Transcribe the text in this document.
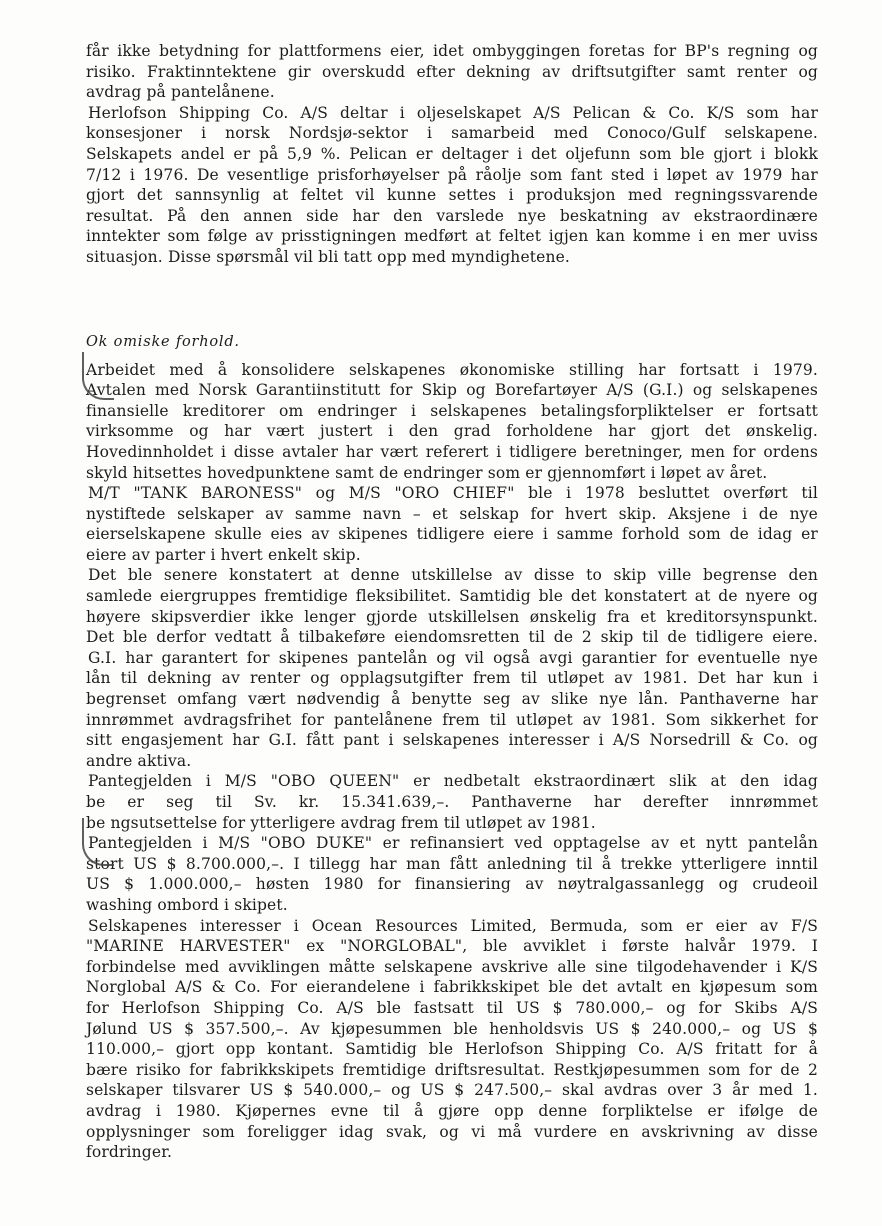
får ikke betydning for plattformens eier, idet ombyggingen foretas for BP's regning og
risiko. Fraktinntektene gir overskudd efter dekning av driftsutgifter samt renter og
avdrag på pantelånene.
Herlofson Shipping Co. A/S deltar i oljeselskapet A/S Pelican & Co. K/S som har
konsesjoner i norsk Nordsjø-sektor i samarbeid med Conoco/Gulf selskapene.
Selskapets andel er på 5,9 %. Pelican er deltager i det oljefunn som ble gjort i blokk
7/12 i 1976. De vesentlige prisforhøyelser på råolje som fant sted i løpet av 1979 har
gjort det sannsynlig at feltet vil kunne settes i produksjon med regningssvarende
resultat. På den annen side har den varslede nye beskatning av ekstraordinære
inntekter som følge av prisstigningen medført at feltet igjen kan komme i en mer uviss
situasjon. Disse spørsmål vil bli tatt opp med myndighetene.
Ok omiske forhold.
Arbeidet med å konsolidere selskapenes økonomiske stilling har fortsatt i 1979.
Avtalen med Norsk Garantiinstitutt for Skip og Borefartøyer A/S (G.I.) og selskapenes
finansielle kreditorer om endringer i selskapenes betalingsforpliktelser er fortsatt
virksomme og har vært justert i den grad forholdene har gjort det ønskelig.
Hovedinnholdet i disse avtaler har vært referert i tidligere beretninger, men for ordens
skyld hitsettes hovedpunktene samt de endringer som er gjennomført i løpet av året.
M/T "TANK BARONESS" og M/S "ORO CHIEF" ble i 1978 besluttet overført til
nystiftede selskaper av samme navn – et selskap for hvert skip. Aksjene i de nye
eierselskapene skulle eies av skipenes tidligere eiere i samme forhold som de idag er
eiere av parter i hvert enkelt skip.
Det ble senere konstatert at denne utskillelse av disse to skip ville begrense den
samlede eiergruppes fremtidige fleksibilitet. Samtidig ble det konstatert at de nyere og
høyere skipsverdier ikke lenger gjorde utskillelsen ønskelig fra et kreditorsynspunkt.
Det ble derfor vedtatt å tilbakeføre eiendomsretten til de 2 skip til de tidligere eiere.
G.I. har garantert for skipenes pantelån og vil også avgi garantier for eventuelle nye
lån til dekning av renter og opplagsutgifter frem til utløpet av 1981. Det har kun i
begrenset omfang vært nødvendig å benytte seg av slike nye lån. Panthaverne har
innrømmet avdragsfrihet for pantelånene frem til utløpet av 1981. Som sikkerhet for
sitt engasjement har G.I. fått pant i selskapenes interesser i A/S Norsedrill & Co. og
andre aktiva.
Pantegjelden i M/S "OBO QUEEN" er nedbetalt ekstraordinært slik at den idag
be er seg til Sv. kr. 15.341.639,–. Panthaverne har derefter innrømmet
be ngsutsettelse for ytterligere avdrag frem til utløpet av 1981.
Pantegjelden i M/S "OBO DUKE" er refinansiert ved opptagelse av et nytt pantelån
stort US $ 8.700.000,–. I tillegg har man fått anledning til å trekke ytterligere inntil
US $ 1.000.000,– høsten 1980 for finansiering av nøytralgassanlegg og crudeoil
washing ombord i skipet.
Selskapenes interesser i Ocean Resources Limited, Bermuda, som er eier av F/S
"MARINE HARVESTER" ex "NORGLOBAL", ble avviklet i første halvår 1979. I
forbindelse med avviklingen måtte selskapene avskrive alle sine tilgodehavender i K/S
Norglobal A/S & Co. For eierandelene i fabrikkskipet ble det avtalt en kjøpesum som
for Herlofson Shipping Co. A/S ble fastsatt til US $ 780.000,– og for Skibs A/S
Jølund US $ 357.500,–. Av kjøpesummen ble henholdsvis US $ 240.000,– og US $
110.000,– gjort opp kontant. Samtidig ble Herlofson Shipping Co. A/S fritatt for å
bære risiko for fabrikkskipets fremtidige driftsresultat. Restkjøpesummen som for de 2
selskaper tilsvarer US $ 540.000,– og US $ 247.500,– skal avdras over 3 år med 1.
avdrag i 1980. Kjøpernes evne til å gjøre opp denne forpliktelse er ifølge de
opplysninger som foreligger idag svak, og vi må vurdere en avskrivning av disse
fordringer.
